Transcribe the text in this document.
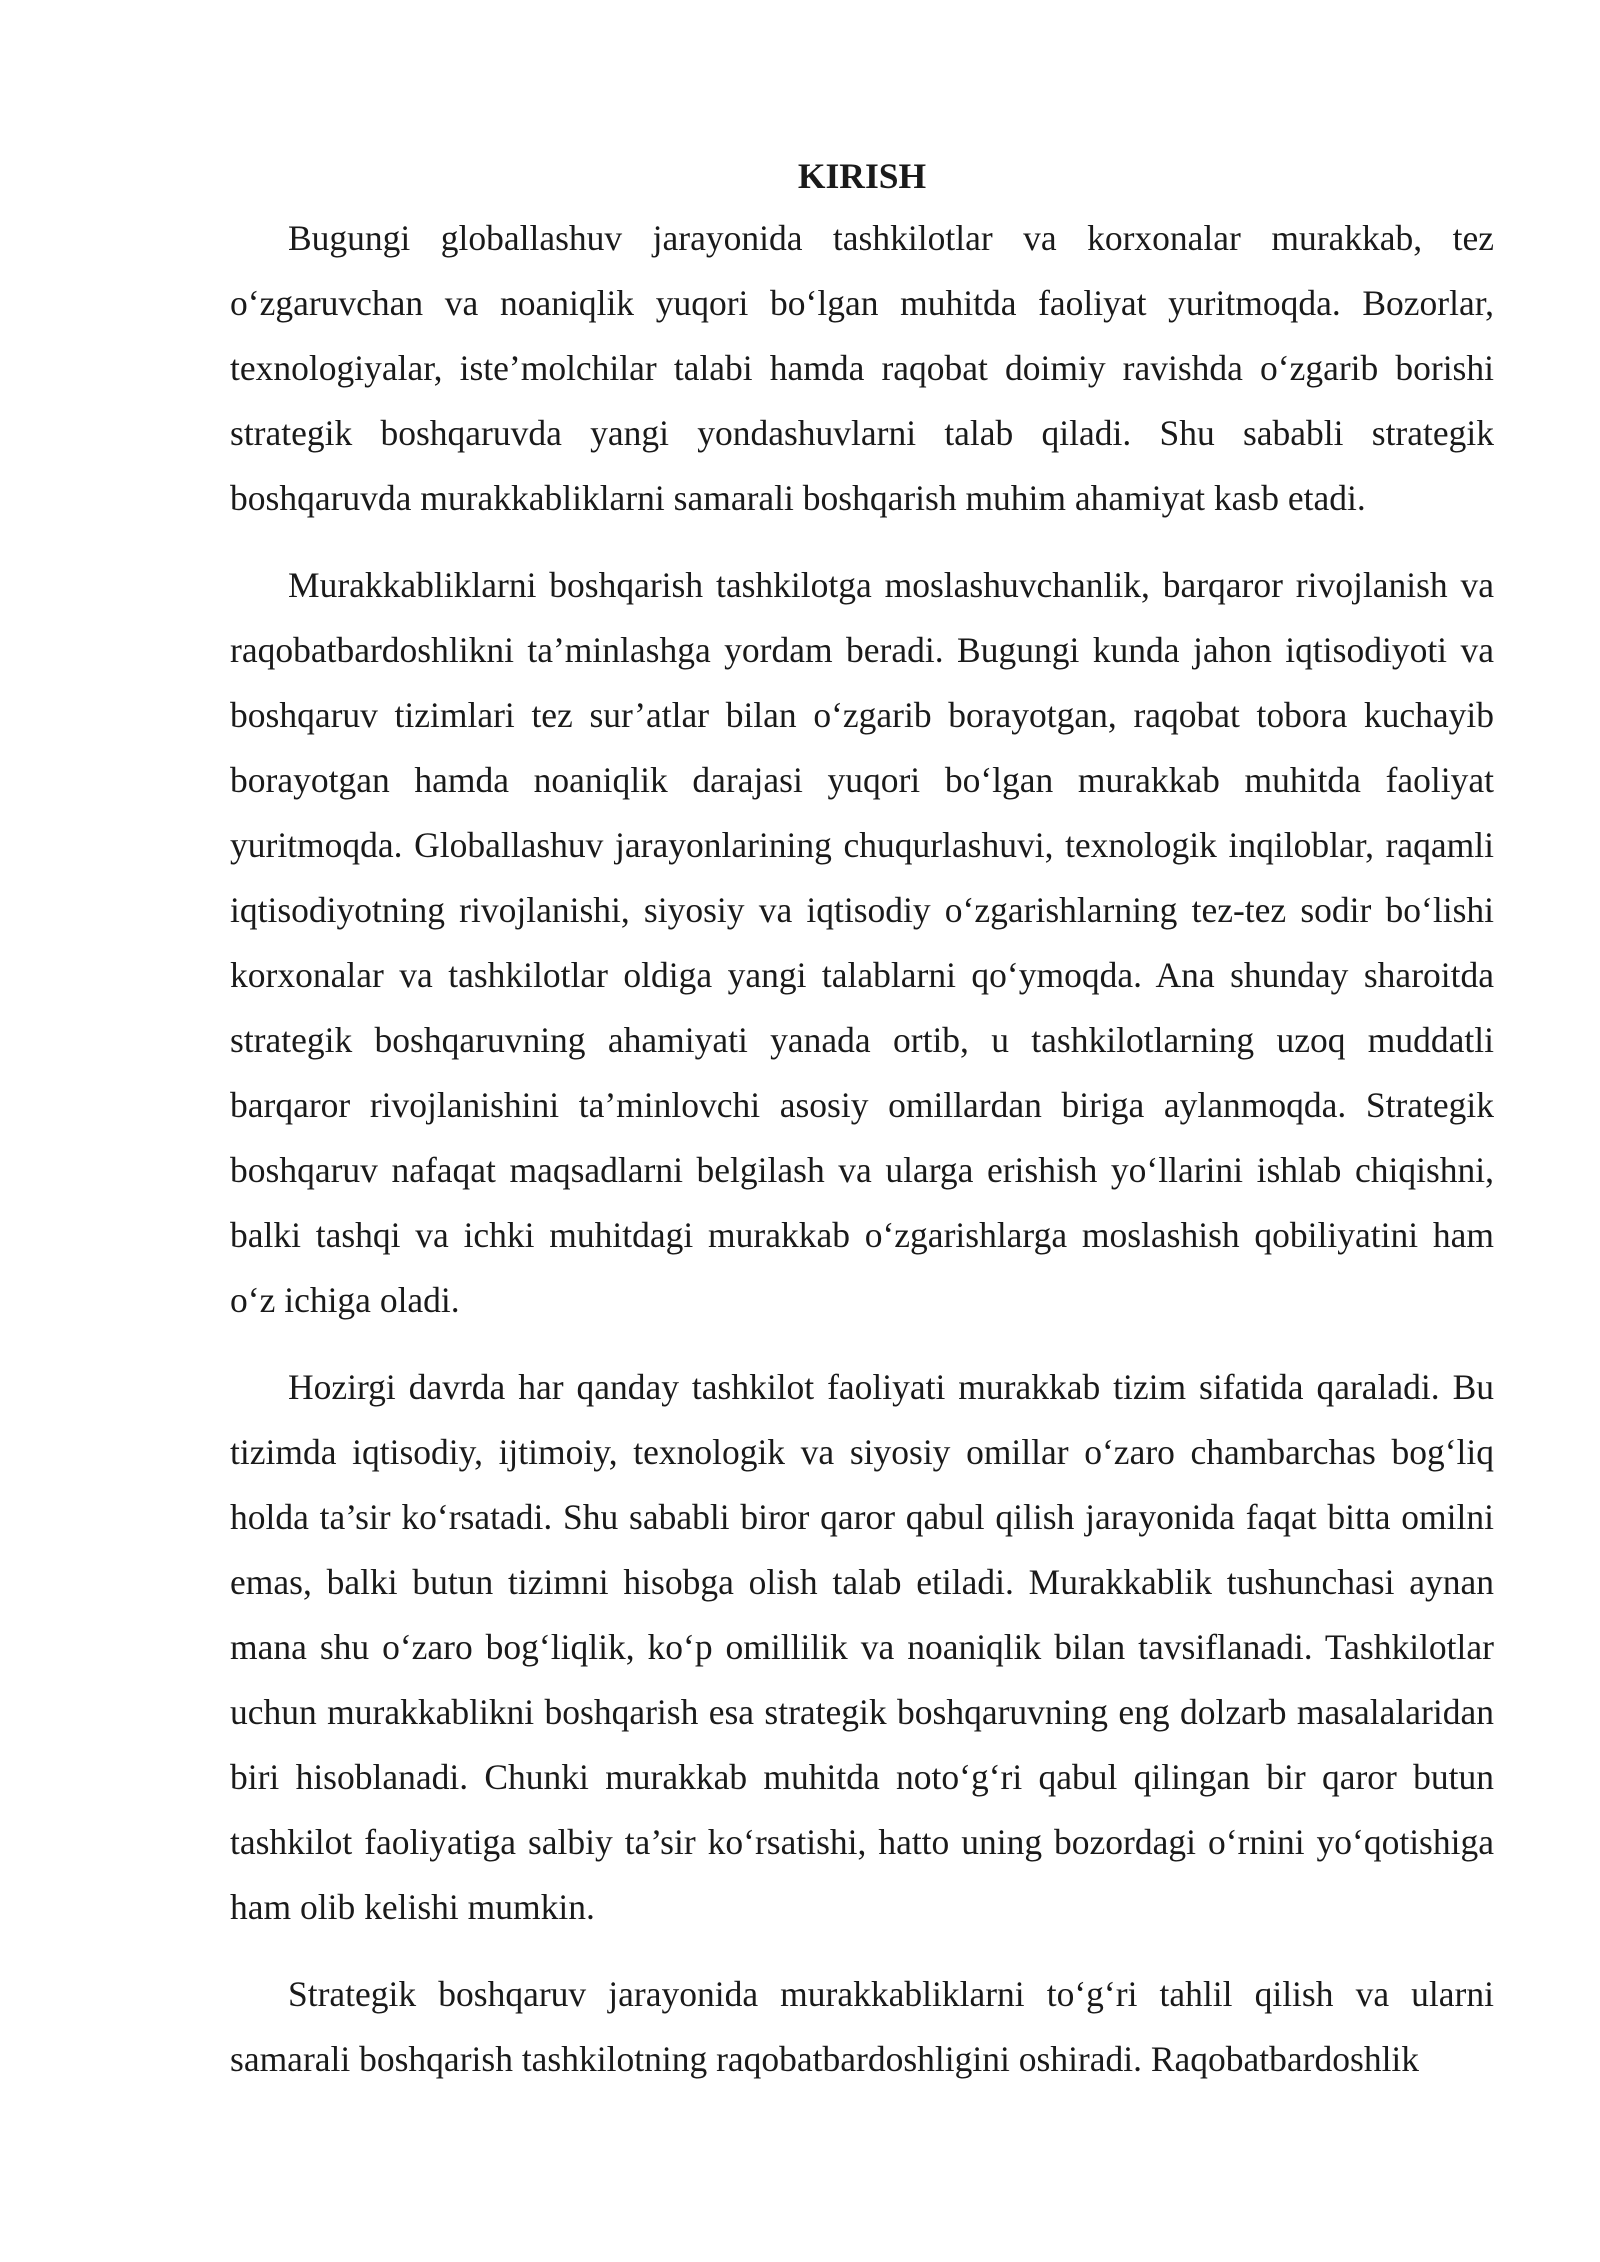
KIRISH

Bugungi globallashuv jarayonida tashkilotlar va korxonalar murakkab, tez o‘zgaruvchan va noaniqlik yuqori bo‘lgan muhitda faoliyat yuritmoqda. Bozorlar, texnologiyalar, iste’molchilar talabi hamda raqobat doimiy ravishda o‘zgarib borishi strategik boshqaruvda yangi yondashuvlarni talab qiladi. Shu sababli strategik boshqaruvda murakkabliklarni samarali boshqarish muhim ahamiyat kasb etadi.

Murakkabliklarni boshqarish tashkilotga moslashuvchanlik, barqaror rivojlanish va raqobatbardoshlikni ta’minlashga yordam beradi. Bugungi kunda jahon iqtisodiyoti va boshqaruv tizimlari tez sur’atlar bilan o‘zgarib borayotgan, raqobat tobora kuchayib borayotgan hamda noaniqlik darajasi yuqori bo‘lgan murakkab muhitda faoliyat yuritmoqda. Globallashuv jarayonlarining chuqurlashuvi, texnologik inqiloblar, raqamli iqtisodiyotning rivojlanishi, siyosiy va iqtisodiy o‘zgarishlarning tez-tez sodir bo‘lishi korxonalar va tashkilotlar oldiga yangi talablarni qo‘ymoqda. Ana shunday sharoitda strategik boshqaruvning ahamiyati yanada ortib, u tashkilotlarning uzoq muddatli barqaror rivojlanishini ta’minlovchi asosiy omillardan biriga aylanmoqda. Strategik boshqaruv nafaqat maqsadlarni belgilash va ularga erishish yo‘llarini ishlab chiqishni, balki tashqi va ichki muhitdagi murakkab o‘zgarishlarga moslashish qobiliyatini ham o‘z ichiga oladi.

Hozirgi davrda har qanday tashkilot faoliyati murakkab tizim sifatida qaraladi. Bu tizimda iqtisodiy, ijtimoiy, texnologik va siyosiy omillar o‘zaro chambarchas bog‘liq holda ta’sir ko‘rsatadi. Shu sababli biror qaror qabul qilish jarayonida faqat bitta omilni emas, balki butun tizimni hisobga olish talab etiladi. Murakkablik tushunchasi aynan mana shu o‘zaro bog‘liqlik, ko‘p omillilik va noaniqlik bilan tavsiflanadi. Tashkilotlar uchun murakkablikni boshqarish esa strategik boshqaruvning eng dolzarb masalalaridan biri hisoblanadi. Chunki murakkab muhitda noto‘g‘ri qabul qilingan bir qaror butun tashkilot faoliyatiga salbiy ta’sir ko‘rsatishi, hatto uning bozordagi o‘rnini yo‘qotishiga ham olib kelishi mumkin.

Strategik boshqaruv jarayonida murakkabliklarni to‘g‘ri tahlil qilish va ularni samarali boshqarish tashkilotning raqobatbardoshligini oshiradi. Raqobatbardoshlik
